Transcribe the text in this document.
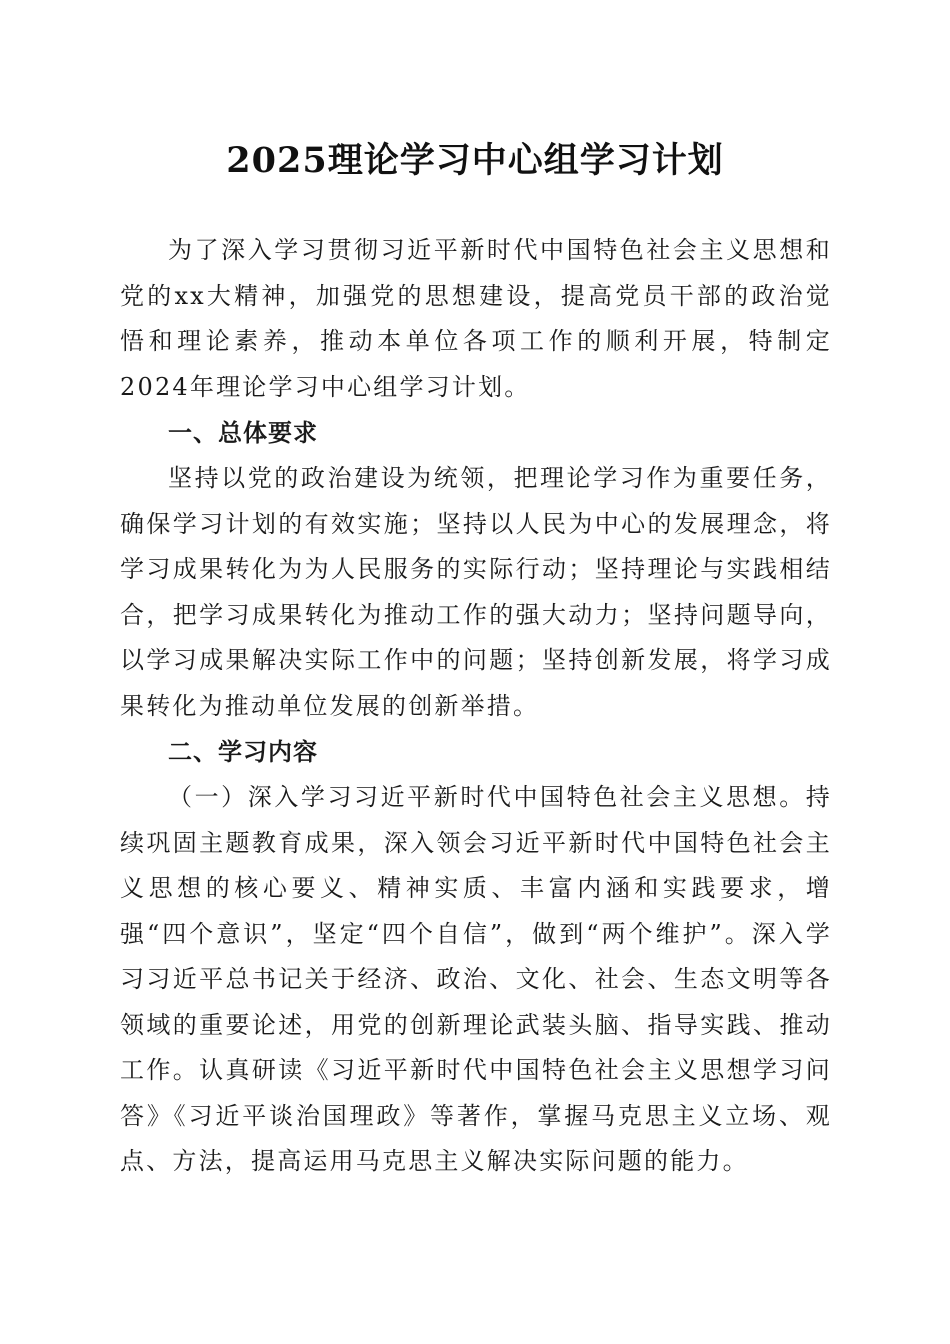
2025理论学习中心组学习计划

为了深入学习贯彻习近平新时代中国特色社会主义思想和党的xx大精神，加强党的思想建设，提高党员干部的政治觉悟和理论素养，推动本单位各项工作的顺利开展，特制定2024年理论学习中心组学习计划。

一、总体要求

坚持以党的政治建设为统领，把理论学习作为重要任务，确保学习计划的有效实施；坚持以人民为中心的发展理念，将学习成果转化为为人民服务的实际行动；坚持理论与实践相结合，把学习成果转化为推动工作的强大动力；坚持问题导向，以学习成果解决实际工作中的问题；坚持创新发展，将学习成果转化为推动单位发展的创新举措。

二、学习内容

（一）深入学习习近平新时代中国特色社会主义思想。持续巩固主题教育成果，深入领会习近平新时代中国特色社会主义思想的核心要义、精神实质、丰富内涵和实践要求，增强“四个意识”，坚定“四个自信”，做到“两个维护”。深入学习习近平总书记关于经济、政治、文化、社会、生态文明等各领域的重要论述，用党的创新理论武装头脑、指导实践、推动工作。认真研读《习近平新时代中国特色社会主义思想学习问答》《习近平谈治国理政》等著作，掌握马克思主义立场、观点、方法，提高运用马克思主义解决实际问题的能力。
